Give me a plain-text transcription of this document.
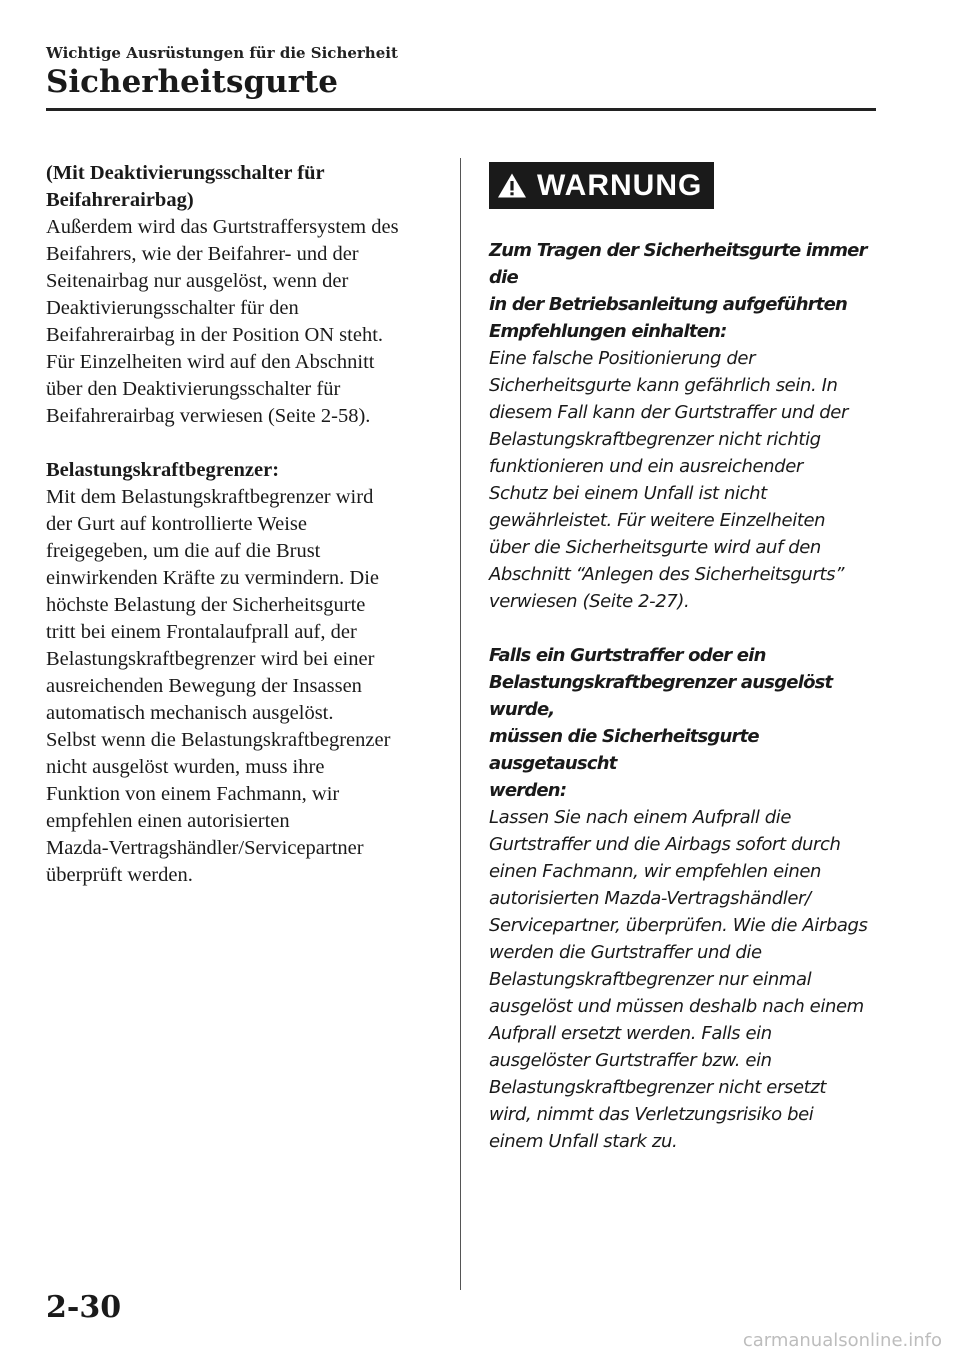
Wichtige Ausrüstungen für die Sicherheit
Sicherheitsgurte

(Mit Deaktivierungsschalter für

Beifahrerairbag)

Außerdem wird das Gurtstraffersystem des

Beifahrers, wie der Beifahrer- und der

Seitenairbag nur ausgelöst, wenn der

Deaktivierungsschalter für den

Beifahrerairbag in der Position ON steht.

Für Einzelheiten wird auf den Abschnitt

über den Deaktivierungsschalter für

Beifahrerairbag verwiesen (Seite 2-58).

Belastungskraftbegrenzer:

Mit dem Belastungskraftbegrenzer wird

der Gurt auf kontrollierte Weise

freigegeben, um die auf die Brust

einwirkenden Kräfte zu vermindern. Die

höchste Belastung der Sicherheitsgurte

tritt bei einem Frontalaufprall auf, der

Belastungskraftbegrenzer wird bei einer

ausreichenden Bewegung der Insassen

automatisch mechanisch ausgelöst.

Selbst wenn die Belastungskraftbegrenzer

nicht ausgelöst wurden, muss ihre

Funktion von einem Fachmann, wir

empfehlen einen autorisierten

Mazda-Vertragshändler/Servicepartner

überprüft werden.

WARNUNG

Zum Tragen der Sicherheitsgurte immer die

in der Betriebsanleitung aufgeführten

Empfehlungen einhalten:

Eine falsche Positionierung der

Sicherheitsgurte kann gefährlich sein. In

diesem Fall kann der Gurtstraffer und der

Belastungskraftbegrenzer nicht richtig

funktionieren und ein ausreichender

Schutz bei einem Unfall ist nicht

gewährleistet. Für weitere Einzelheiten

über die Sicherheitsgurte wird auf den

Abschnitt “Anlegen des Sicherheitsgurts”

verwiesen (Seite 2-27).

Falls ein Gurtstraffer oder ein

Belastungskraftbegrenzer ausgelöst wurde,

müssen die Sicherheitsgurte ausgetauscht

werden:

Lassen Sie nach einem Aufprall die

Gurtstraffer und die Airbags sofort durch

einen Fachmann, wir empfehlen einen

autorisierten Mazda-Vertragshändler/

Servicepartner, überprüfen. Wie die Airbags

werden die Gurtstraffer und die

Belastungskraftbegrenzer nur einmal

ausgelöst und müssen deshalb nach einem

Aufprall ersetzt werden. Falls ein

ausgelöster Gurtstraffer bzw. ein

Belastungskraftbegrenzer nicht ersetzt

wird, nimmt das Verletzungsrisiko bei

einem Unfall stark zu.

2-30
carmanualsonline.info
